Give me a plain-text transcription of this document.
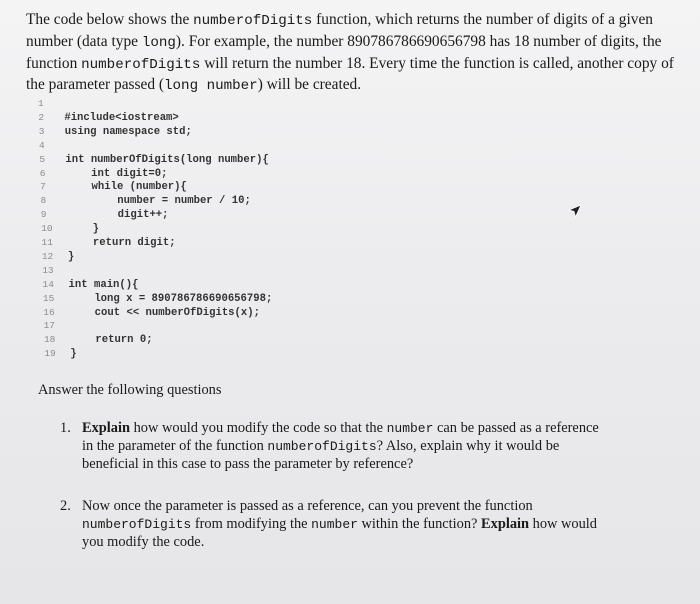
The code below shows the numberofDigits function, which returns the number of digits of a given number (data type long). For example, the number 890786786690656798 has 18 number of digits, the function numberofDigits will return the number 18. Every time the function is called, another copy of the parameter passed (long number) will be created.
1
2 #include<iostream>
3 using namespace std;
4
5 int numberOfDigits(long number){
6    int digit=0;
7    while (number){
8        number = number / 10;
9        digit++;
10    }
11    return digit;
12 }
13
14 int main(){
15    long x = 890786786690656798;
16    cout << numberOfDigits(x);
17
18    return 0;
19 }
Answer the following questions
1. Explain how would you modify the code so that the number can be passed as a reference in the parameter of the function numberofDigits? Also, explain why it would be beneficial in this case to pass the parameter by reference?
2. Now once the parameter is passed as a reference, can you prevent the function numberofDigits from modifying the number within the function? Explain how would you modify the code.
